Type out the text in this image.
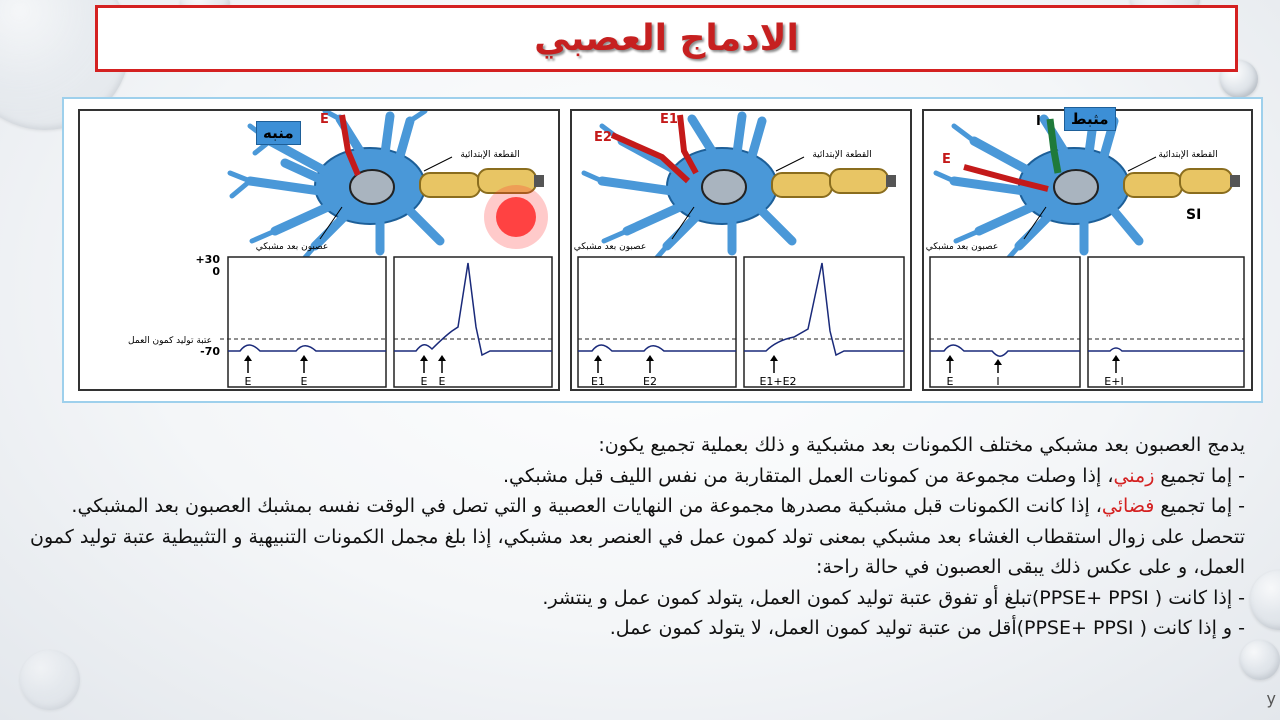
الادماج العصبي
E
القطعة الإبتدائية
عصبون بعد مشبكي
+30
0
-70
عتبة توليد كمون العمل
E	E	E E
منبه	E2
E1
القطعة الإبتدائية
عصبون بعد مشبكي
E1	E2	E1+E2
I
E	القطعة الإبتدائية
عصبون بعد مشبكي
SI
E	I	E+I
مثبط

يدمج العصبون بعد مشبكي مختلف الكمونات بعد مشبكية و ذلك بعملية تجميع يكون:

- إما تجميع زمني، إذا وصلت مجموعة من كمونات العمل المتقاربة من نفس الليف قبل مشبكي.

- إما تجميع فضائي، إذا كانت الكمونات قبل مشبكية مصدرها مجموعة من النهايات العصبية و التي تصل في الوقت نفسه بمشبك العصبون بعد المشبكي.

تتحصل على زوال استقطاب الغشاء بعد مشبكي بمعنى تولد كمون عمل في العنصر بعد مشبكي، إذا بلغ مجمل الكمونات التنبيهية و التثبيطية عتبة توليد كمون العمل، و على عكس ذلك يبقى العصبون في حالة راحة:

- إذا كانت ( PPSE+ PPSI)تبلغ أو تفوق عتبة توليد كمون العمل، يتولد كمون عمل و ينتشر.

- و إذا كانت ( PPSE+ PPSI)أقل من عتبة توليد كمون العمل، لا يتولد كمون عمل.

y
